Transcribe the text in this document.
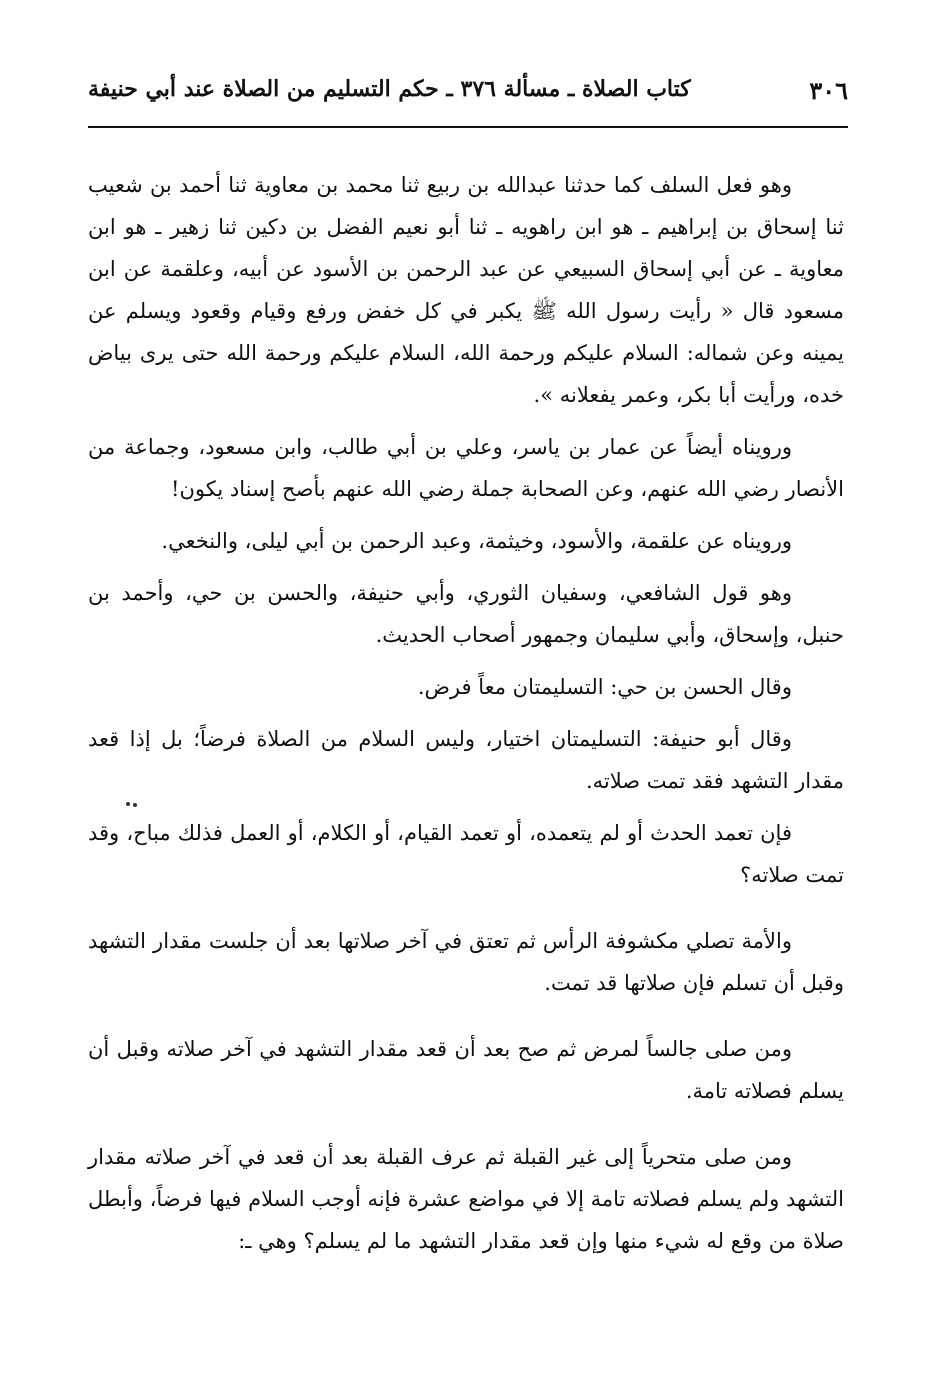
٣٠٦
كتاب الصلاة ـ مسألة ٣٧٦ ـ حكم التسليم من الصلاة عند أبي حنيفة

وهو فعل السلف كما حدثنا عبدالله بن ربيع ثنا محمد بن معاوية ثنا أحمد بن شعيب ثنا إسحاق بن إبراهيم ـ هو ابن راهويه ـ ثنا أبو نعيم الفضل بن دكين ثنا زهير ـ هو ابن معاوية ـ عن أبي إسحاق السبيعي عن عبد الرحمن بن الأسود عن أبيه، وعلقمة عن ابن مسعود قال « رأيت رسول الله ﷺ يكبر في كل خفض ورفع وقيام وقعود ويسلم عن يمينه وعن شماله: السلام عليكم ورحمة الله، السلام عليكم ورحمة الله حتى يرى بياض خده، ورأيت أبا بكر، وعمر يفعلانه ».

ورويناه أيضاً عن عمار بن ياسر، وعلي بن أبي طالب، وابن مسعود، وجماعة من الأنصار رضي الله عنهم، وعن الصحابة جملة رضي الله عنهم بأصح إسناد يكون!

ورويناه عن علقمة، والأسود، وخيثمة، وعبد الرحمن بن أبي ليلى، والنخعي.

وهو قول الشافعي، وسفيان الثوري، وأبي حنيفة، والحسن بن حي، وأحمد بن حنبل، وإسحاق، وأبي سليمان وجمهور أصحاب الحديث.

وقال الحسن بن حي: التسليمتان معاً فرض.

وقال أبو حنيفة: التسليمتان اختيار، وليس السلام من الصلاة فرضاً؛ بل إذا قعد مقدار التشهد فقد تمت صلاته.

فإن تعمد الحدث أو لم يتعمده، أو تعمد القيام، أو الكلام، أو العمل فذلك مباح، وقد تمت صلاته؟

والأمة تصلي مكشوفة الرأس ثم تعتق في آخر صلاتها بعد أن جلست مقدار التشهد وقبل أن تسلم فإن صلاتها قد تمت.

ومن صلى جالساً لمرض ثم صح بعد أن قعد مقدار التشهد في آخر صلاته وقبل أن يسلم فصلاته تامة.

ومن صلى متحرياً إلى غير القبلة ثم عرف القبلة بعد أن قعد في آخر صلاته مقدار التشهد ولم يسلم فصلاته تامة إلا في مواضع عشرة فإنه أوجب السلام فيها فرضاً، وأبطل صلاة من وقع له شيء منها وإن قعد مقدار التشهد ما لم يسلم؟ وهي ـ:
